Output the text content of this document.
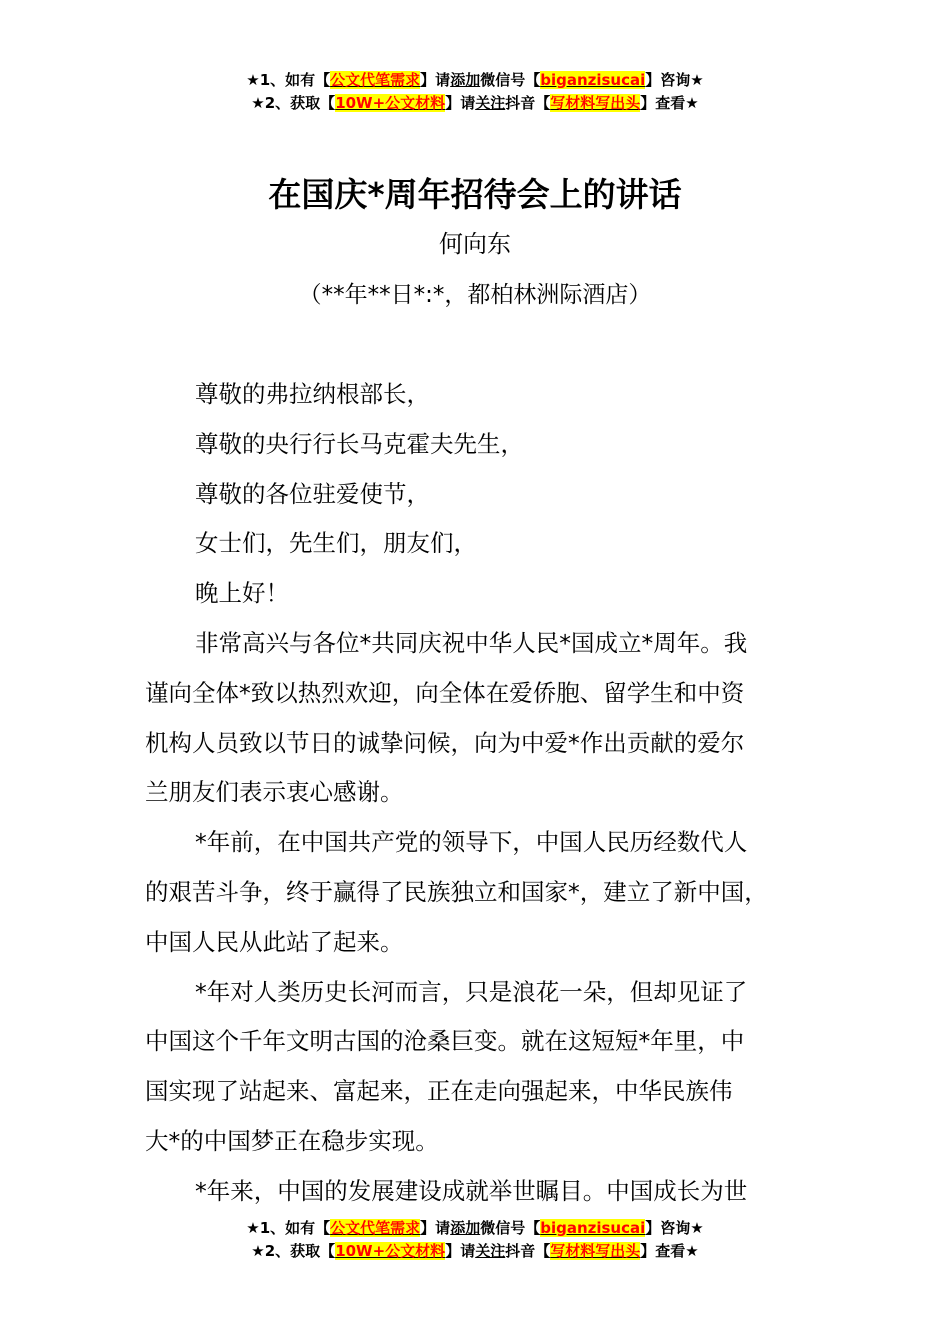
★1、如有【公文代笔需求】请添加微信号【biganzisucai】咨询★
★2、获取【10W+公文材料】请关注抖音【写材料写出头】查看★
在国庆*周年招待会上的讲话
何向东
（**年**日*:*，都柏林洲际酒店）

尊敬的弗拉纳根部长，

尊敬的央行行长马克霍夫先生，

尊敬的各位驻爱使节，

女士们，先生们，朋友们，

晚上好！

非常高兴与各位*共同庆祝中华人民*国成立*周年。我

谨向全体*致以热烈欢迎，向全体在爱侨胞、留学生和中资

机构人员致以节日的诚挚问候，向为中爱*作出贡献的爱尔

兰朋友们表示衷心感谢。

*年前，在中国共产党的领导下，中国人民历经数代人

的艰苦斗争，终于赢得了民族独立和国家*，建立了新中国，

中国人民从此站了起来。

*年对人类历史长河而言，只是浪花一朵，但却见证了

中国这个千年文明古国的沧桑巨变。就在这短短*年里，中

国实现了站起来、富起来，正在走向强起来，中华民族伟

大*的中国梦正在稳步实现。

*年来，中国的发展建设成就举世瞩目。中国成长为世

★1、如有【公文代笔需求】请添加微信号【biganzisucai】咨询★
★2、获取【10W+公文材料】请关注抖音【写材料写出头】查看★
